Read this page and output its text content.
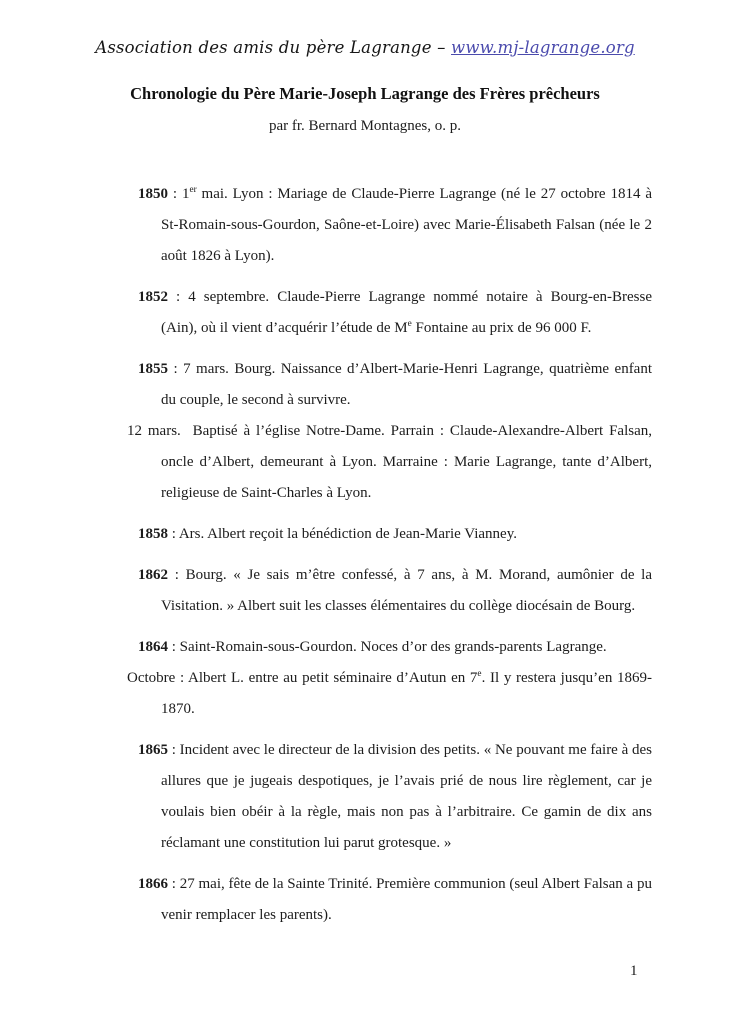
Association des amis du père Lagrange – www.mj-lagrange.org
Chronologie du Père Marie-Joseph Lagrange des Frères prêcheurs
par fr. Bernard Montagnes, o. p.

1850 : 1er mai. Lyon : Mariage de Claude-Pierre Lagrange (né le 27 octobre 1814 à St-Romain-sous-Gourdon, Saône-et-Loire) avec Marie-Élisabeth Falsan (née le 2 août 1826 à Lyon).

1852 : 4 septembre. Claude-Pierre Lagrange nommé notaire à Bourg-en-Bresse (Ain), où il vient d’acquérir l’étude de Me Fontaine au prix de 96 000 F.

1855 : 7 mars. Bourg. Naissance d’Albert-Marie-Henri Lagrange, quatrième enfant du couple, le second à survivre.

12 mars.  Baptisé à l’église Notre-Dame. Parrain : Claude-Alexandre-Albert Falsan, oncle d’Albert, demeurant à Lyon. Marraine : Marie Lagrange, tante d’Albert, religieuse de Saint-Charles à Lyon.

1858 : Ars. Albert reçoit la bénédiction de Jean-Marie Vianney.

1862 : Bourg. « Je sais m’être confessé, à 7 ans, à M. Morand, aumônier de la Visitation. » Albert suit les classes élémentaires du collège diocésain de Bourg.

1864 : Saint-Romain-sous-Gourdon. Noces d’or des grands-parents Lagrange.

Octobre : Albert L. entre au petit séminaire d’Autun en 7e. Il y restera jusqu’en 1869-1870.

1865 : Incident avec le directeur de la division des petits. « Ne pouvant me faire à des allures que je jugeais despotiques, je l’avais prié de nous lire règlement, car je voulais bien obéir à la règle, mais non pas à l’arbitraire. Ce gamin de dix ans réclamant une constitution lui parut grotesque. »

1866 : 27 mai, fête de la Sainte Trinité. Première communion (seul Albert Falsan a pu venir remplacer les parents).

1
